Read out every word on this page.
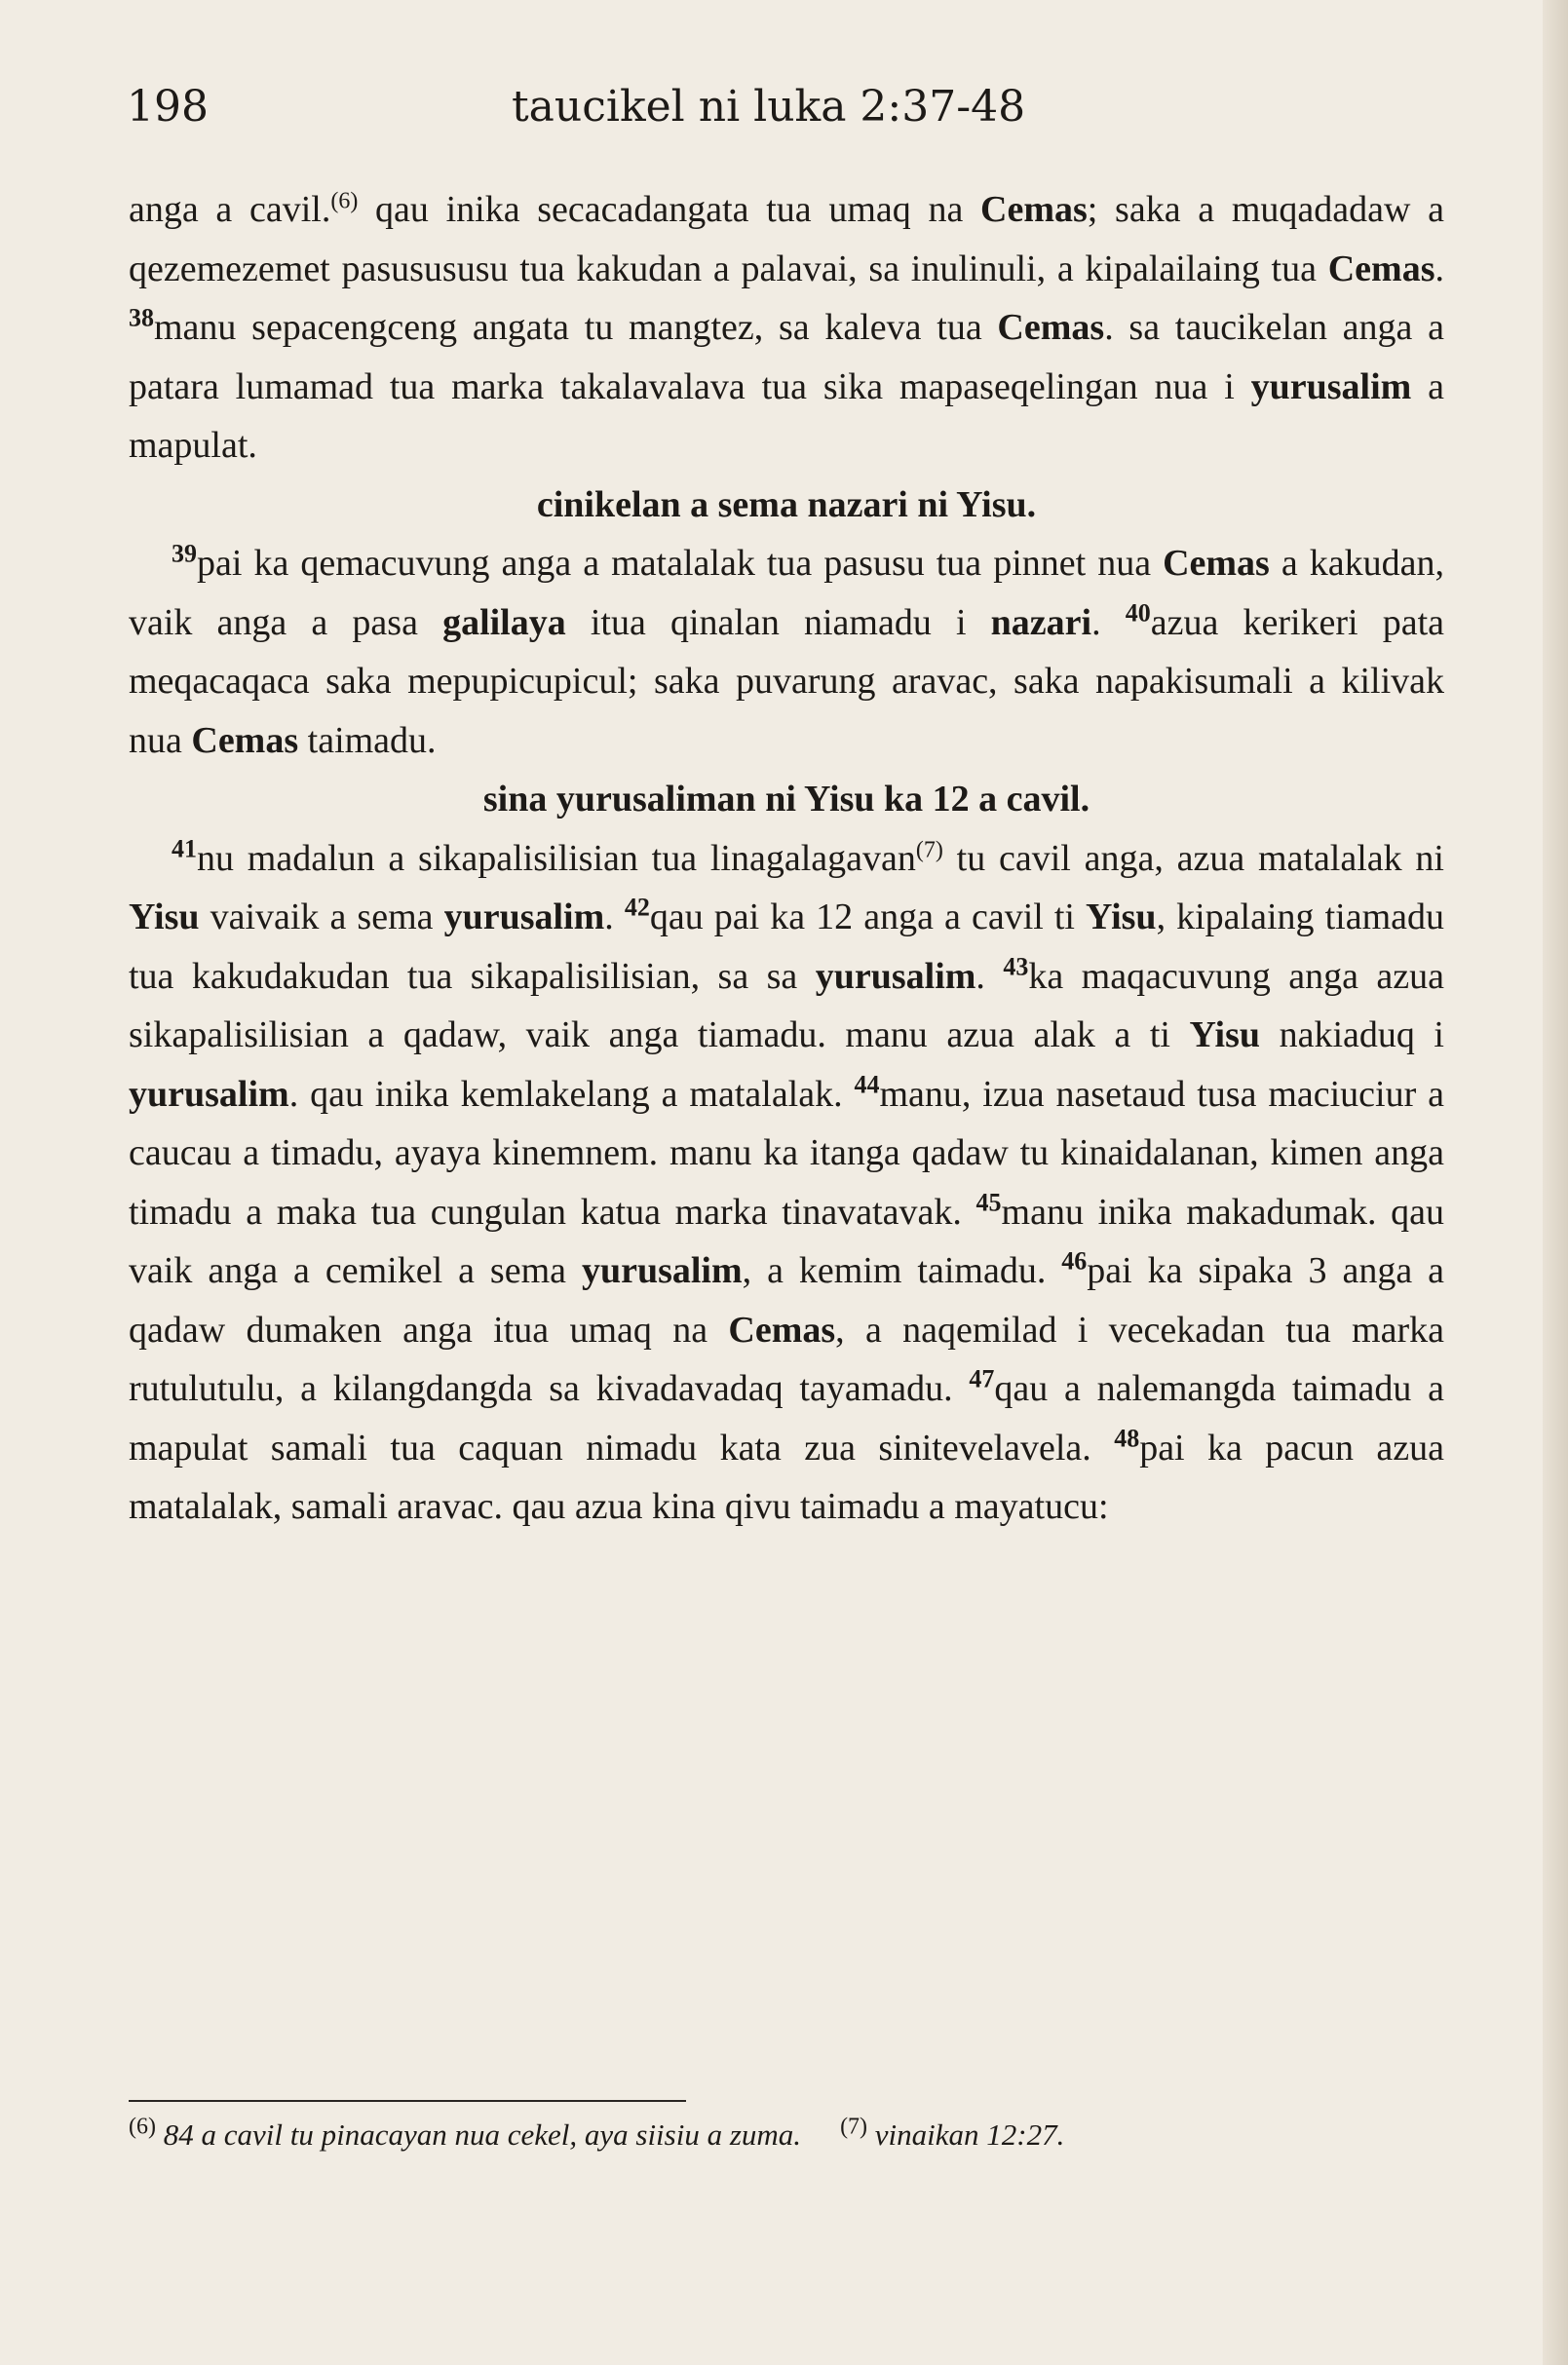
198	taucikel ni luka 2:37-48

anga a cavil.$^{(6)}$ qau inika secacadangata tua umaq na Cemas; saka a muqadadaw a qezemezemet pasusususu tua kakudan a palavai, sa inulinuli, a kipalailaing tua Cemas. $^{38}$manu sepacengceng angata tu mangtez, sa kaleva tua Cemas. sa taucikelan anga a patara lumamad tua marka takalavalava tua sika mapaseqelingan nua i yurusalim a mapulat.

cinikelan a sema nazari ni Yisu.

$^{39}$pai ka qemacuvung anga a matalalak tua pasusu tua pinnet nua Cemas a kakudan, vaik anga a pasa galilaya itua qinalan niamadu i nazari. $^{40}$azua kerikeri pata meqacaqaca saka mepupicupicul; saka puvarung aravac, saka napakisumali a kilivak nua Cemas taimadu.

sina yurusaliman ni Yisu ka 12 a cavil.

$^{41}$nu madalun a sikapalisilisian tua linagalagavan$^{(7)}$ tu cavil anga, azua matalalak ni Yisu vaivaik a sema yurusalim. $^{42}$qau pai ka 12 anga a cavil ti Yisu, kipalaing tiamadu tua kakudakudan tua sikapalisilisian, sa sa yurusalim. $^{43}$ka maqacuvung anga azua sikapalisilisian a qadaw, vaik anga tiamadu. manu azua alak a ti Yisu nakiaduq i yurusalim. qau inika kemlakelang a matalalak. $^{44}$manu, izua nasetaud tusa maciuciur a caucau a timadu, ayaya kinemnem. manu ka itanga qadaw tu kinaidalanan, kimen anga timadu a maka tua cungulan katua marka tinavatavak. $^{45}$manu inika makadumak. qau vaik anga a cemikel a sema yurusalim, a kemim taimadu. $^{46}$pai ka sipaka 3 anga a qadaw dumaken anga itua umaq na Cemas, a naqemilad i vecekadan tua marka rutulutulu, a kilangdangda sa kivadavadaq tayamadu. $^{47}$qau a nalemangda taimadu a mapulat samali tua caquan nimadu kata zua sinitevelavela. $^{48}$pai ka pacun azua matalalak, samali aravac. qau azua kina qivu taimadu a mayatucu:

$^{(6)}$ 84 a cavil tu pinacayan nua cekel, aya siisiu a zuma. $^{(7)}$ vinaikan 12:27.
